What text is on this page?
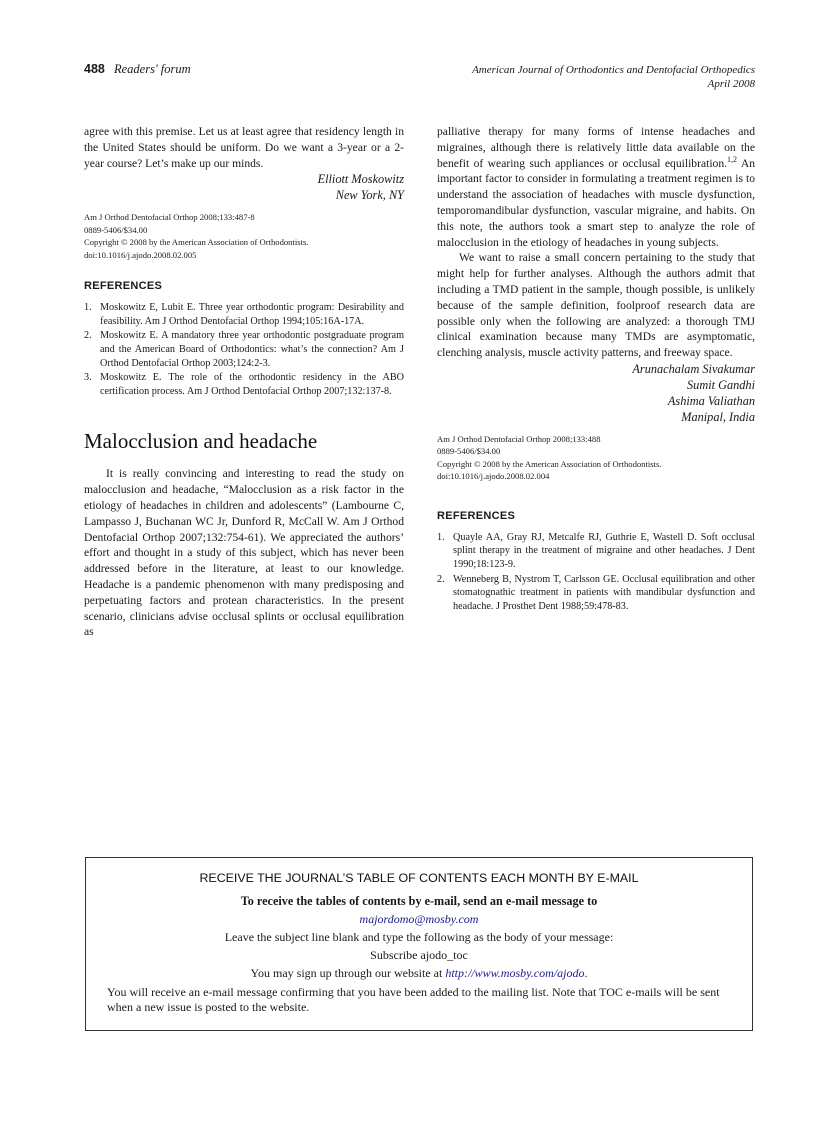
488 Readers' forum	American Journal of Orthodontics and Dentofacial Orthopedics
April 2008

agree with this premise. Let us at least agree that residency length in the United States should be uniform. Do we want a 3-year or a 2-year course? Let’s make up our minds.

Elliott Moskowitz
New York, NY
Am J Orthod Dentofacial Orthop 2008;133:487-8
0889-5406/$34.00
Copyright © 2008 by the American Association of Orthodontists.
doi:10.1016/j.ajodo.2008.02.005
REFERENCES
1. Moskowitz E, Lubit E. Three year orthodontic program: Desirability and feasibility. Am J Orthod Dentofacial Orthop 1994;105:16A-17A.
2. Moskowitz E. A mandatory three year orthodontic postgraduate program and the American Board of Orthodontics: what’s the connection? Am J Orthod Dentofacial Orthop 2003;124:2-3.
3. Moskowitz E. The role of the orthodontic residency in the ABO certification process. Am J Orthod Dentofacial Orthop 2007;132:137-8.
Malocclusion and headache

It is really convincing and interesting to read the study on malocclusion and headache, “Malocclusion as a risk factor in the etiology of headaches in children and adolescents” (Lambourne C, Lampasso J, Buchanan WC Jr, Dunford R, McCall W. Am J Orthod Dentofacial Orthop 2007;132:754-61). We appreciated the authors’ effort and thought in a study of this subject, which has never been addressed before in the literature, at least to our knowledge. Headache is a pandemic phenomenon with many predisposing and perpetuating factors and protean characteristics. In the present scenario, clinicians advise occlusal splints or occlusal equilibration as

palliative therapy for many forms of intense headaches and migraines, although there is relatively little data available on the benefit of wearing such appliances or occlusal equilibration.$^{1,2}$ An important factor to consider in formulating a treatment regimen is to understand the association of headaches with muscle dysfunction, temporomandibular dysfunction, vascular migraine, and habits. On this note, the authors took a smart step to analyze the role of malocclusion in the etiology of headaches in young subjects.

We want to raise a small concern pertaining to the study that might help for further analyses. Although the authors admit that including a TMD patient in the sample, though possible, is unlikely because of the sample definition, foolproof research data are possible only when the following are analyzed: a thorough TMJ clinical examination because many TMDs are asymptomatic, clenching analysis, muscle activity patterns, and freeway space.

Arunachalam Sivakumar
Sumit Gandhi
Ashima Valiathan
Manipal, India
Am J Orthod Dentofacial Orthop 2008;133:488
0889-5406/$34.00
Copyright © 2008 by the American Association of Orthodontists.
doi:10.1016/j.ajodo.2008.02.004
REFERENCES
1. Quayle AA, Gray RJ, Metcalfe RJ, Guthrie E, Wastell D. Soft occlusal splint therapy in the treatment of migraine and other headaches. J Dent 1990;18:123-9.
2. Wenneberg B, Nystrom T, Carlsson GE. Occlusal equilibration and other stomatognathic treatment in patients with mandibular dysfunction and headache. J Prosthet Dent 1988;59:478-83.
RECEIVE THE JOURNAL’S TABLE OF CONTENTS EACH MONTH BY E-MAIL
To receive the tables of contents by e-mail, send an e-mail message to
majordomo@mosby.com
Leave the subject line blank and type the following as the body of your message:
Subscribe ajodo_toc
You may sign up through our website at http://www.mosby.com/ajodo.
You will receive an e-mail message confirming that you have been added to the mailing list. Note that TOC e-mails will be sent when a new issue is posted to the website.
